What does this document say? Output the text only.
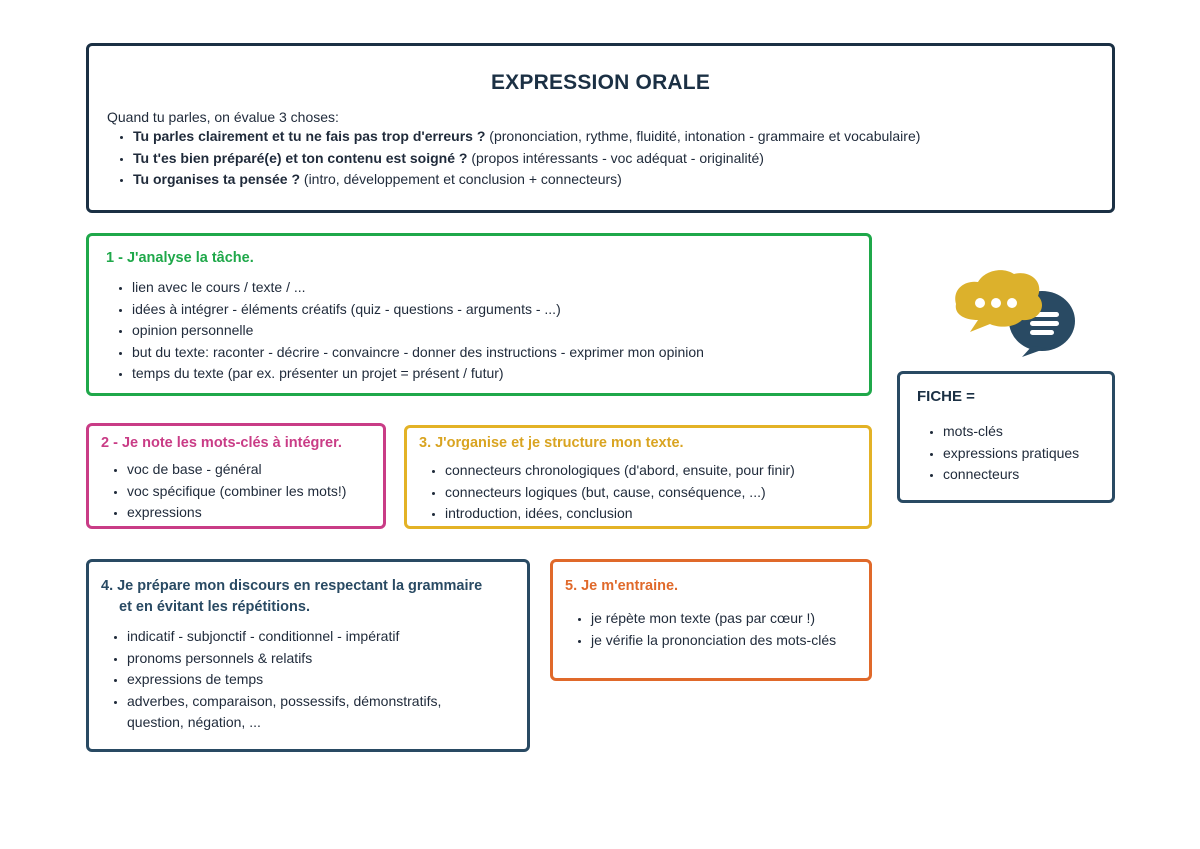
EXPRESSION ORALE
Quand tu parles, on évalue 3 choses:
• Tu parles clairement et tu ne fais pas trop d'erreurs ? (prononciation, rythme, fluidité, intonation - grammaire et vocabulaire)
• Tu t'es bien préparé(e) et ton contenu est soigné ? (propos intéressants - voc adéquat - originalité)
• Tu organises ta pensée ? (intro, développement et conclusion + connecteurs)
1 - J'analyse la tâche.
• lien avec le cours / texte / ...
• idées à intégrer - éléments créatifs (quiz - questions - arguments - ...)
• opinion personnelle
• but du texte: raconter - décrire - convaincre - donner des instructions - exprimer mon opinion
• temps du texte (par ex. présenter un projet = présent / futur)
FICHE =
• mots-clés
• expressions pratiques
• connecteurs
2 - Je note les mots-clés à intégrer.
• voc de base - général
• voc spécifique (combiner les mots!)
• expressions
3. J'organise et je structure mon texte.
• connecteurs chronologiques (d'abord, ensuite, pour finir)
• connecteurs logiques (but, cause, conséquence, ...)
• introduction, idées, conclusion
4. Je prépare mon discours en respectant la grammaire
et en évitant les répétitions.
• indicatif - subjonctif - conditionnel - impératif
• pronoms personnels & relatifs
• expressions de temps
• adverbes, comparaison, possessifs, démonstratifs, question, négation, ...
5. Je m'entraine.
• je répète mon texte (pas par cœur !)
• je vérifie la prononciation des mots-clés
